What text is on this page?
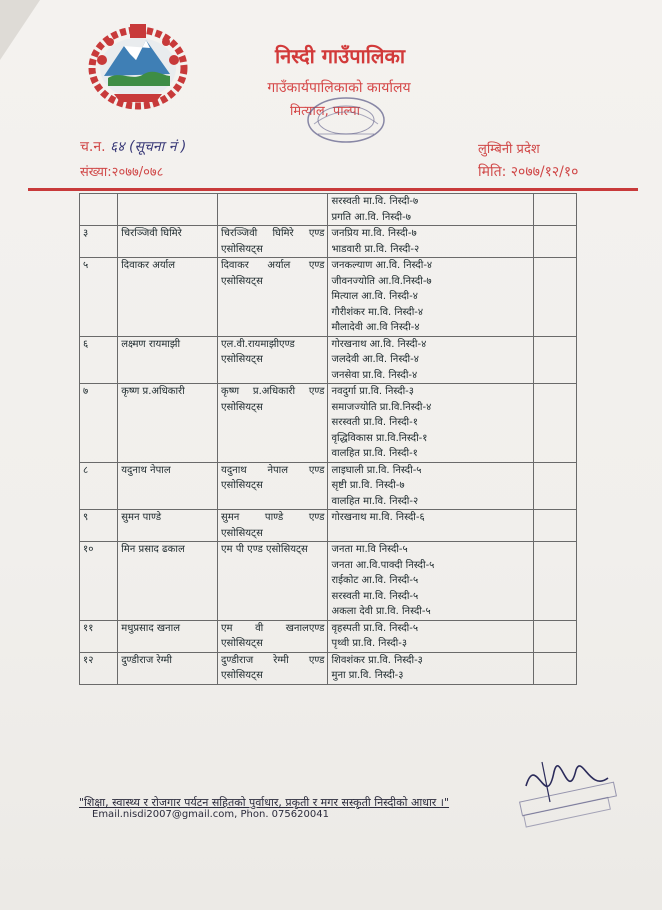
निस्दी गाउँपालिका
गाउँकार्यपालिकाको कार्यालय
मित्याल, पाल्पा
च.न. ६४ (सूचना नं )
संख्या:२०७७/०७८
लुम्बिनी प्रदेश
मिति: २०७७/१२/१०

			सरस्वती मा.वि. निस्दी-७
प्रगति आ.वि. निस्दी-७	

३	चिरञ्जिवी घिमिरे	चिरञ्जिवी घिमिरे एण्ड एसोसियट्स	जनप्रिय मा.वि. निस्दी-७
भाडवारी प्रा.वि. निस्दी-२	

५	दिवाकर अर्याल	दिवाकर अर्याल एण्ड एसोसियट्स	जनकल्याण आ.वि. निस्दी-४
जीवनज्योति आ.वि.निस्दी-७
मित्याल आ.वि. निस्दी-४
गौरीशंकर मा.वि. निस्दी-४
मौलादेवी आ.वि निस्दी-४	

६	लक्ष्मण रायमाझी	एल.वी.रायमाझीएण्ड एसोसियट्स	गोरखनाथ आ.वि. निस्दी-४
जलदेवी आ.वि. निस्दी-४
जनसेवा प्रा.वि. निस्दी-४	

७	कृष्ण प्र.अधिकारी	कृष्ण प्र.अधिकारी एण्ड एसोसियट्स	नवदुर्गा प्रा.वि. निस्दी-३
समाजज्योति प्रा.वि.निस्दी-४
सरस्वती प्रा.वि. निस्दी-१
वृद्धिविकास प्रा.वि.निस्दी-१
वालहित प्रा.वि. निस्दी-१	

८	यदुनाथ नेपाल	यदुनाथ नेपाल एण्ड एसोसियट्स	लाइघाली प्रा.वि. निस्दी-५
सृष्टी प्रा.वि. निस्दी-७
वालहित मा.वि. निस्दी-२	

९	सुमन पाण्डे	सुमन पाण्डे एण्ड एसोसियट्स	गोरखनाथ मा.वि. निस्दी-६	

१०	मिन प्रसाद ढकाल	एम पी एण्ड एसोसियट्स	जनता मा.वि निस्दी-५
जनता आ.वि.पाक्दी निस्दी-५
राईकोट आ.वि. निस्दी-५
सरस्वती मा.वि. निस्दी-५
अकला देवी प्रा.वि. निस्दी-५	

११	मधुप्रसाद खनाल	एम वी खनालएण्ड एसोसियट्स	वृहस्पती प्रा.वि. निस्दी-५
पृथ्वी प्रा.वि. निस्दी-३	

१२	दुण्डीराज रेग्मी	दुण्डीराज रेग्मी एण्ड एसोसियट्स	शिवशंकर प्रा.वि. निस्दी-३
मुना प्रा.वि. निस्दी-३	

"शिक्षा, स्वास्थ्य र रोजगार पर्यटन सहितको पुर्वाधार, प्रकृती र मगर सस्कृती निस्दीको आधार ।"
Email.nisdi2007@gmail.com, Phon. 075620041
